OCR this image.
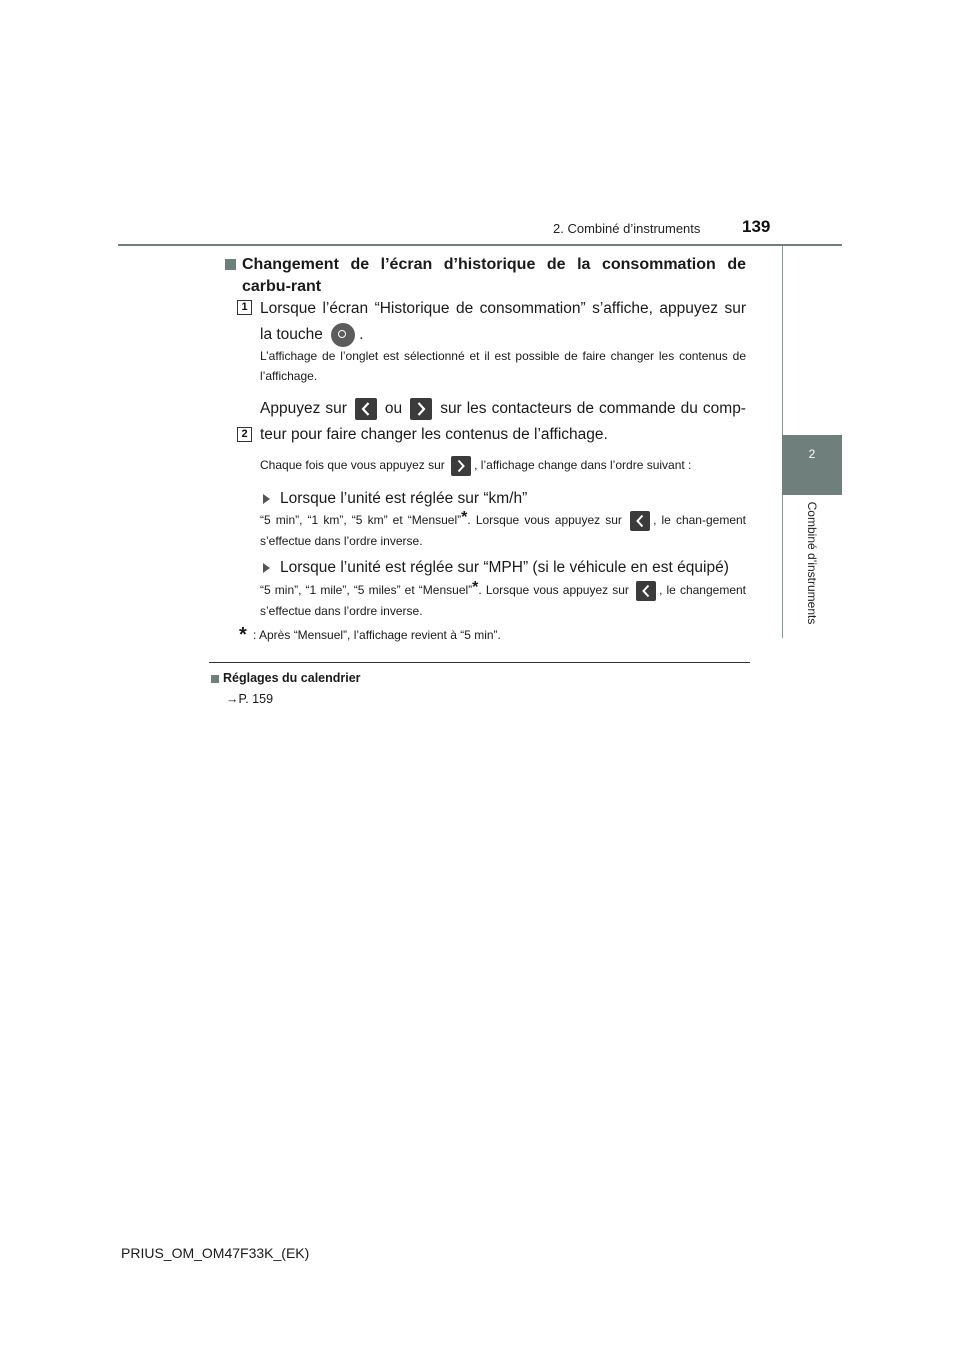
2. Combiné d’instruments 139
2
Combiné d’instruments
Changement de l’écran d’historique de la consommation de carbu-rant
1 Lorsque l’écran “Historique de consommation” s’affiche, appuyez sur la touche .
L’affichage de l’onglet est sélectionné et il est possible de faire changer les contenus de l’affichage.
2
Appuyez sur ou sur les contacteurs de commande du comp-teur pour faire changer les contenus de l’affichage.
Chaque fois que vous appuyez sur , l’affichage change dans l’ordre suivant :
Lorsque l’unité est réglée sur “km/h”
“5 min”, “1 km”, “5 km” et “Mensuel”*. Lorsque vous appuyez sur	, le chan-gement s’effectue dans l’ordre inverse.
Lorsque l’unité est réglée sur “MPH” (si le véhicule en est équipé)
“5 min”, “1 mile”, “5 miles” et “Mensuel”*. Lorsque vous appuyez sur	, le changement s’effectue dans l’ordre inverse.
* : Après “Mensuel”, l’affichage revient à “5 min”.
Réglages du calendrier
→P. 159
PRIUS_OM_OM47F33K_(EK)
